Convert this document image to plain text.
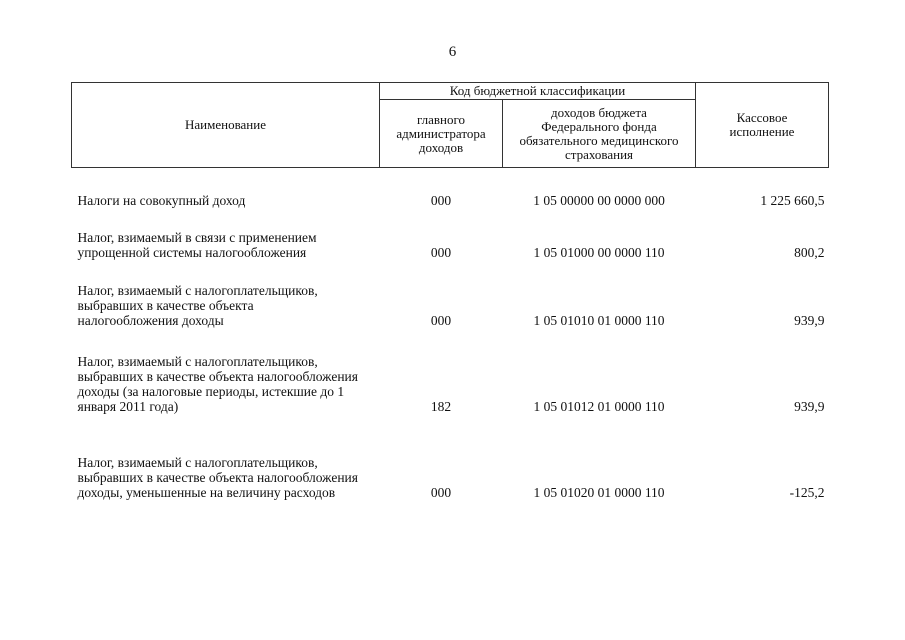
6
Наименование	Код бюджетной классификации		Кассовое исполнение
	главного администратора доходов	доходов бюджета Федерального фонда обязательного медицинского страхования	
Налоги на совокупный доход	000	1 05 00000 00 0000 000	1 225 660,5
Налог, взимаемый в связи с применением упрощенной системы налогообложения	000	1 05 01000 00 0000 110	800,2
Налог, взимаемый с налогоплательщиков, выбравших в качестве объекта налогообложения доходы	000	1 05 01010 01 0000 110	939,9
Налог, взимаемый с налогоплательщиков, выбравших в качестве объекта налогообложения доходы (за налоговые периоды, истекшие до 1 января 2011 года)	182	1 05 01012 01 0000 110	939,9
Налог, взимаемый с налогоплательщиков, выбравших в качестве объекта налогообложения доходы, уменьшенные на величину расходов	000	1 05 01020 01 0000 110	-125,2
